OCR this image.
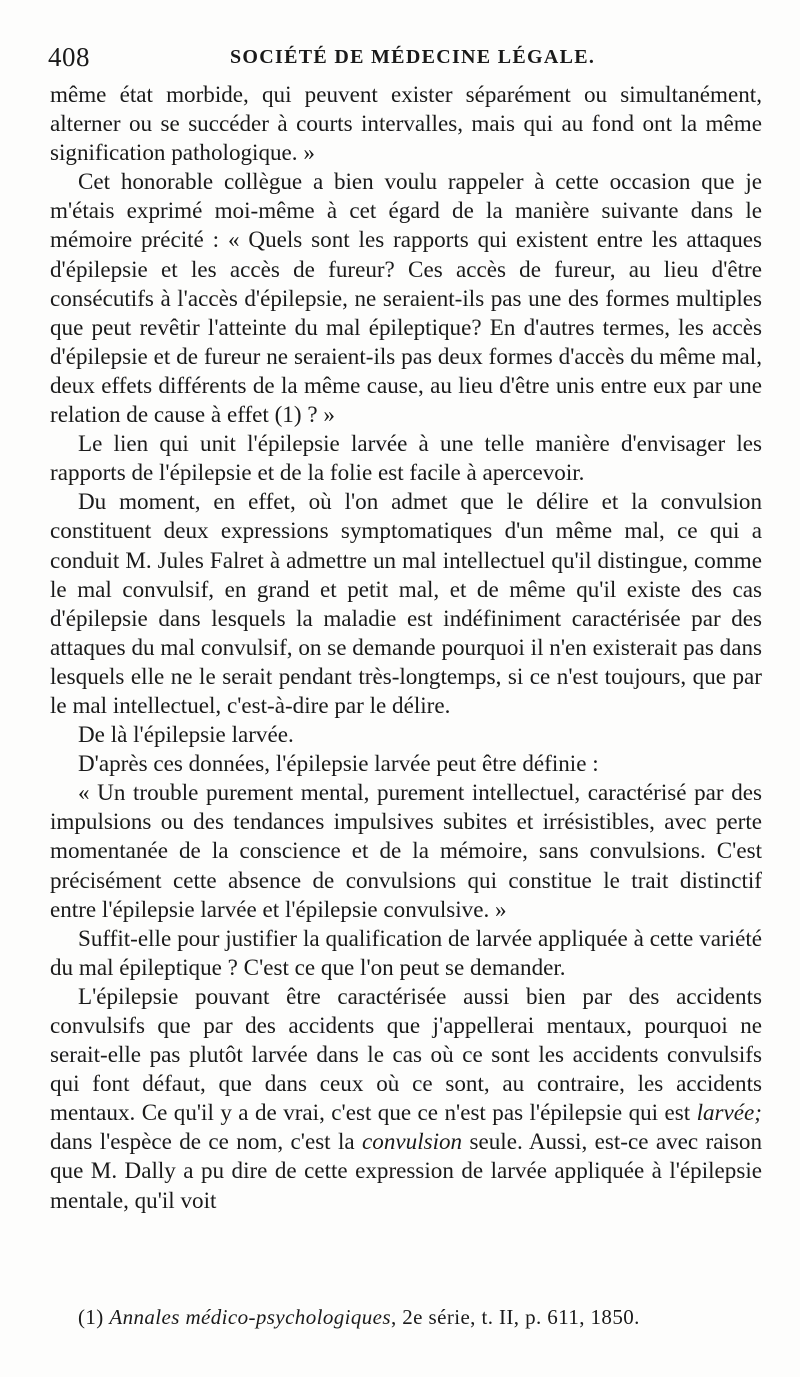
408	SOCIÉTÉ DE MÉDECINE LÉGALE.

même état morbide, qui peuvent exister séparément ou simultanément, alterner ou se succéder à courts intervalles, mais qui au fond ont la même signification pathologique. »

Cet honorable collègue a bien voulu rappeler à cette occasion que je m'étais exprimé moi-même à cet égard de la manière suivante dans le mémoire précité : « Quels sont les rapports qui existent entre les attaques d'épilepsie et les accès de fureur? Ces accès de fureur, au lieu d'être consécutifs à l'accès d'épilepsie, ne seraient-ils pas une des formes multiples que peut revêtir l'atteinte du mal épileptique? En d'autres termes, les accès d'épilepsie et de fureur ne seraient-ils pas deux formes d'accès du même mal, deux effets différents de la même cause, au lieu d'être unis entre eux par une relation de cause à effet (1) ? »

Le lien qui unit l'épilepsie larvée à une telle manière d'envisager les rapports de l'épilepsie et de la folie est facile à apercevoir.

Du moment, en effet, où l'on admet que le délire et la convulsion constituent deux expressions symptomatiques d'un même mal, ce qui a conduit M. Jules Falret à admettre un mal intellectuel qu'il distingue, comme le mal convulsif, en grand et petit mal, et de même qu'il existe des cas d'épilepsie dans lesquels la maladie est indéfiniment caractérisée par des attaques du mal convulsif, on se demande pourquoi il n'en existerait pas dans lesquels elle ne le serait pendant très-longtemps, si ce n'est toujours, que par le mal intellectuel, c'est-à-dire par le délire.

De là l'épilepsie larvée.

D'après ces données, l'épilepsie larvée peut être définie :

« Un trouble purement mental, purement intellectuel, caractérisé par des impulsions ou des tendances impulsives subites et irrésistibles, avec perte momentanée de la conscience et de la mémoire, sans convulsions. C'est précisément cette absence de convulsions qui constitue le trait distinctif entre l'épilepsie larvée et l'épilepsie convulsive. »

Suffit-elle pour justifier la qualification de larvée appliquée à cette variété du mal épileptique ? C'est ce que l'on peut se demander.

L'épilepsie pouvant être caractérisée aussi bien par des accidents convulsifs que par des accidents que j'appellerai mentaux, pourquoi ne serait-elle pas plutôt larvée dans le cas où ce sont les accidents convulsifs qui font défaut, que dans ceux où ce sont, au contraire, les accidents mentaux. Ce qu'il y a de vrai, c'est que ce n'est pas l'épilepsie qui est larvée; dans l'espèce de ce nom, c'est la convulsion seule. Aussi, est-ce avec raison que M. Dally a pu dire de cette expression de larvée appliquée à l'épilepsie mentale, qu'il voit

(1) Annales médico-psychologiques, 2e série, t. II, p. 611, 1850.
